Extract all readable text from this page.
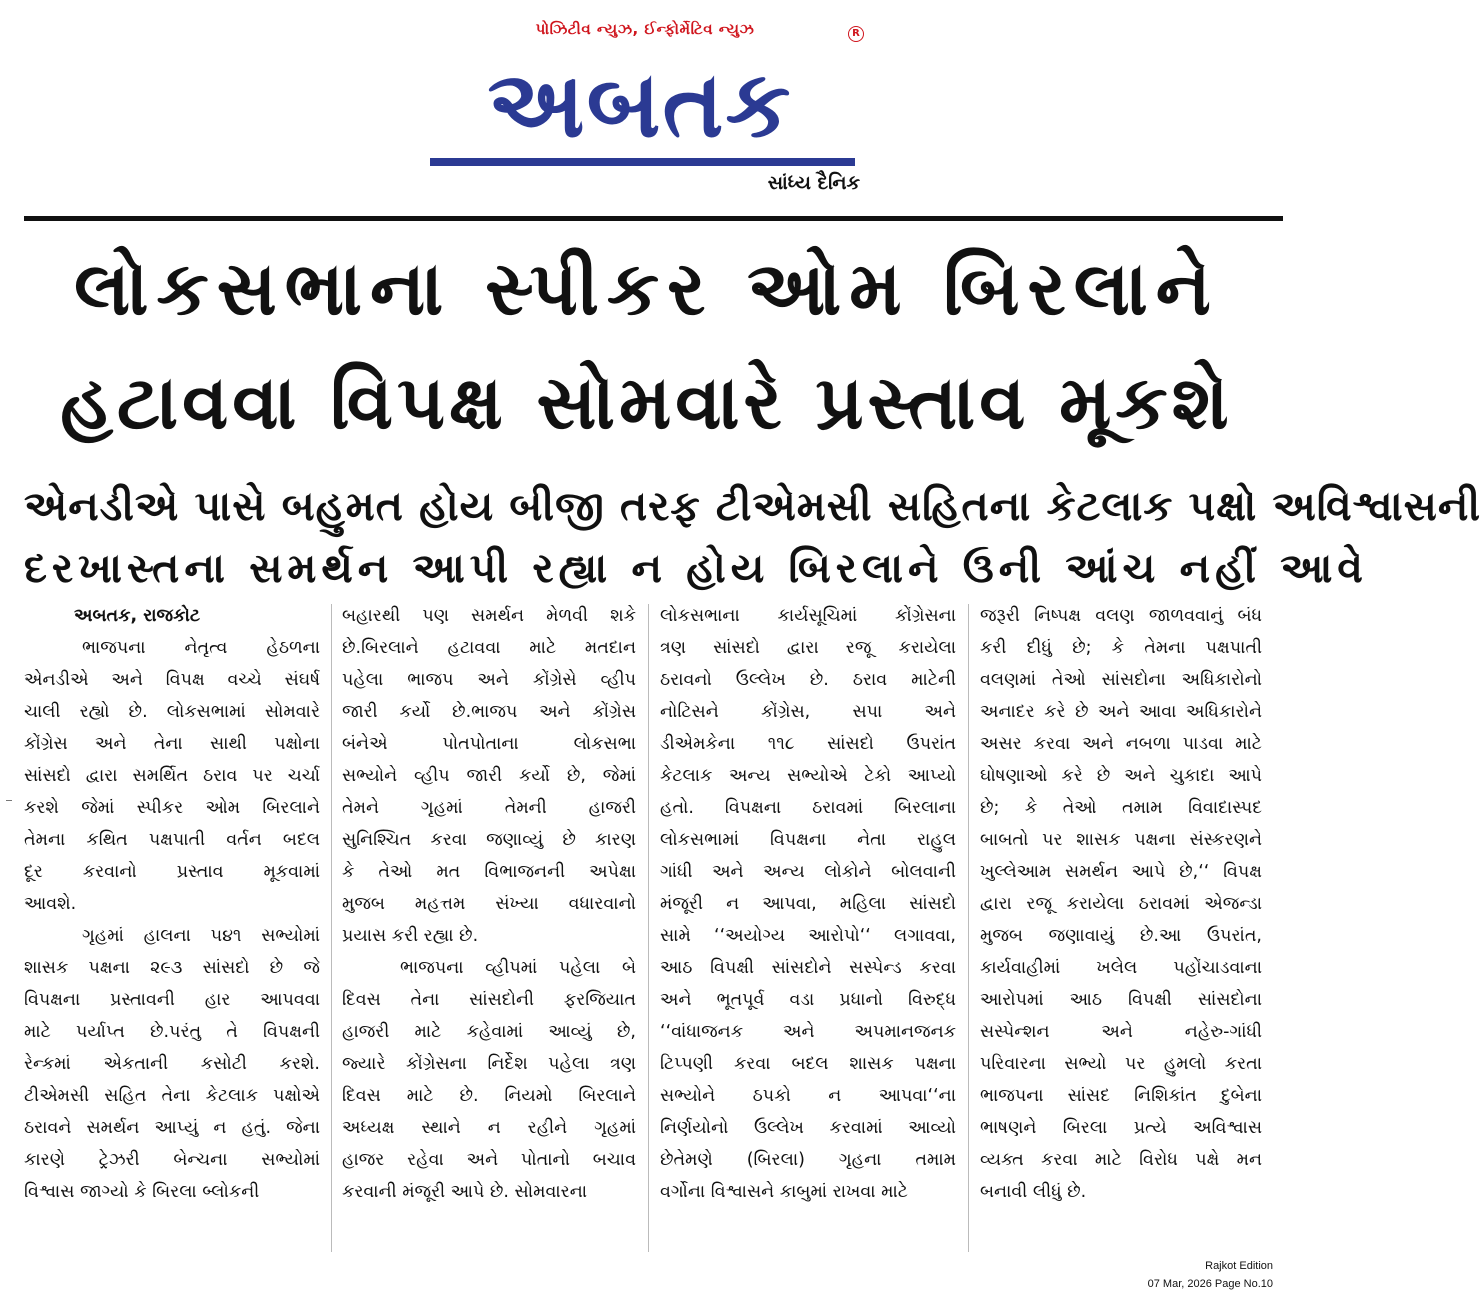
પોઝિટીવ ન્યુઝ, ઈન્ફોર્મેટિવ ન્યુઝ
અબતક
R
સાંધ્ય દૈનિક
લોકસભાના સ્પીકર ઓમ બિરલાને
હટાવવા વિપક્ષ સોમવારે પ્રસ્તાવ મૂકશે
એનડીએ પાસે બહુમત હોય બીજી તરફ ટીએમસી સહિતના કેટલાક પક્ષો અવિશ્વાસની
દરખાસ્તના સમર્થન આપી રહ્યા ન હોય બિરલાને ઉની આંચ નહીં આવે
અબતક, રાજકોટ
ભાજપના નેતૃત્વ હેઠળના
એનડીએ અને વિપક્ષ વચ્ચે સંઘર્ષ
ચાલી રહ્યો છે. લોકસભામાં સોમવારે
કોંગ્રેસ અને તેના સાથી પક્ષોના
સાંસદો દ્વારા સમર્થિત ઠરાવ પર ચર્ચા
કરશે જેમાં સ્પીકર ઓમ બિરલાને
તેમના કથિત પક્ષપાતી વર્તન બદલ
દૂર કરવાનો પ્રસ્તાવ મૂકવામાં
આવશે.
ગૃહમાં હાલના ૫૪૧ સભ્યોમાં
શાસક પક્ષના ૨૯૩ સાંસદો છે જે
વિપક્ષના પ્રસ્તાવની હાર આપવવા
માટે પર્યાપ્ત છે.પરંતુ તે વિપક્ષની
રેન્કમાં એકતાની કસોટી કરશે.
ટીએમસી સહિત તેના કેટલાક પક્ષોએ
ઠરાવને સમર્થન આપ્યું ન હતું. જેના
કારણે ટ્રેઝરી બેન્ચના સભ્યોમાં
વિશ્વાસ જાગ્યો કે બિરલા બ્લોકની
બહારથી પણ સમર્થન મેળવી શકે
છે.બિરલાને હટાવવા માટે મતદાન
પહેલા ભાજપ અને કોંગ્રેસે વ્હીપ
જારી કર્યો છે.ભાજપ અને કોંગ્રેસ
બંનેએ પોતપોતાના લોકસભા
સભ્યોને વ્હીપ જારી કર્યો છે, જેમાં
તેમને ગૃહમાં તેમની હાજરી
સુનિશ્ચિત કરવા જણાવ્યું છે કારણ
કે તેઓ મત વિભાજનની અપેક્ષા
મુજબ મહત્તમ સંખ્યા વધારવાનો
પ્રયાસ કરી રહ્યા છે.
ભાજપના વ્હીપમાં પહેલા બે
દિવસ તેના સાંસદોની ફરજિયાત
હાજરી માટે કહેવામાં આવ્યું છે,
જ્યારે કોંગ્રેસના નિર્દેશ પહેલા ત્રણ
દિવસ માટે છે. નિયમો બિરલાને
અધ્યક્ષ સ્થાને ન રહીને ગૃહમાં
હાજર રહેવા અને પોતાનો બચાવ
કરવાની મંજૂરી આપે છે. સોમવારના
લોકસભાના કાર્યસૂચિમાં કોંગ્રેસના
ત્રણ સાંસદો દ્વારા રજૂ કરાયેલા
ઠરાવનો ઉલ્લેખ છે. ઠરાવ માટેની
નોટિસને કોંગ્રેસ, સપા અને
ડીએમકેના ૧૧૮ સાંસદો ઉપરાંત
કેટલાક અન્ય સભ્યોએ ટેકો આપ્યો
હતો. વિપક્ષના ઠરાવમાં બિરલાના
લોકસભામાં વિપક્ષના નેતા રાહુલ
ગાંધી અને અન્ય લોકોને બોલવાની
મંજૂરી ન આપવા, મહિલા સાંસદો
સામે ‘‘અયોગ્ય આરોપો‘‘ લગાવવા,
આઠ વિપક્ષી સાંસદોને સસ્પેન્ડ કરવા
અને ભૂતપૂર્વ વડા પ્રધાનો વિરુદ્ધ
‘‘વાંધાજનક અને અપમાનજનક
ટિપ્પણી કરવા બદલ શાસક પક્ષના
સભ્યોને ઠપકો ન આપવા‘‘ના
નિર્ણયોનો ઉલ્લેખ કરવામાં આવ્યો
છેતેમણે (બિરલા) ગૃહના તમામ
વર્ગોના વિશ્વાસને કાબુમાં રાખવા માટે
જરૂરી નિષ્પક્ષ વલણ જાળવવાનું બંધ
કરી દીધું છે; કે તેમના પક્ષપાતી
વલણમાં તેઓ સાંસદોના અધિકારોનો
અનાદર કરે છે અને આવા અધિકારોને
અસર કરવા અને નબળા પાડવા માટે
ઘોષણાઓ કરે છે અને ચુકાદા આપે
છે; કે તેઓ તમામ વિવાદાસ્પદ
બાબતો પર શાસક પક્ષના સંસ્કરણને
ખુલ્લેઆમ સમર્થન આપે છે,‘‘ વિપક્ષ
દ્વારા રજૂ કરાયેલા ઠરાવમાં એજન્ડા
મુજબ જણાવાયું છે.આ ઉપરાંત,
કાર્યવાહીમાં ખલેલ પહોંચાડવાના
આરોપમાં આઠ વિપક્ષી સાંસદોના
સસ્પેન્શન અને નહેરુ-ગાંધી
પરિવારના સભ્યો પર હુમલો કરતા
ભાજપના સાંસદ નિશિકાંત દુબેના
ભાષણને બિરલા પ્રત્યે અવિશ્વાસ
વ્યક્ત કરવા માટે વિરોધ પક્ષે મન
બનાવી લીધું છે.
Rajkot Edition
07 Mar, 2026 Page No.10
